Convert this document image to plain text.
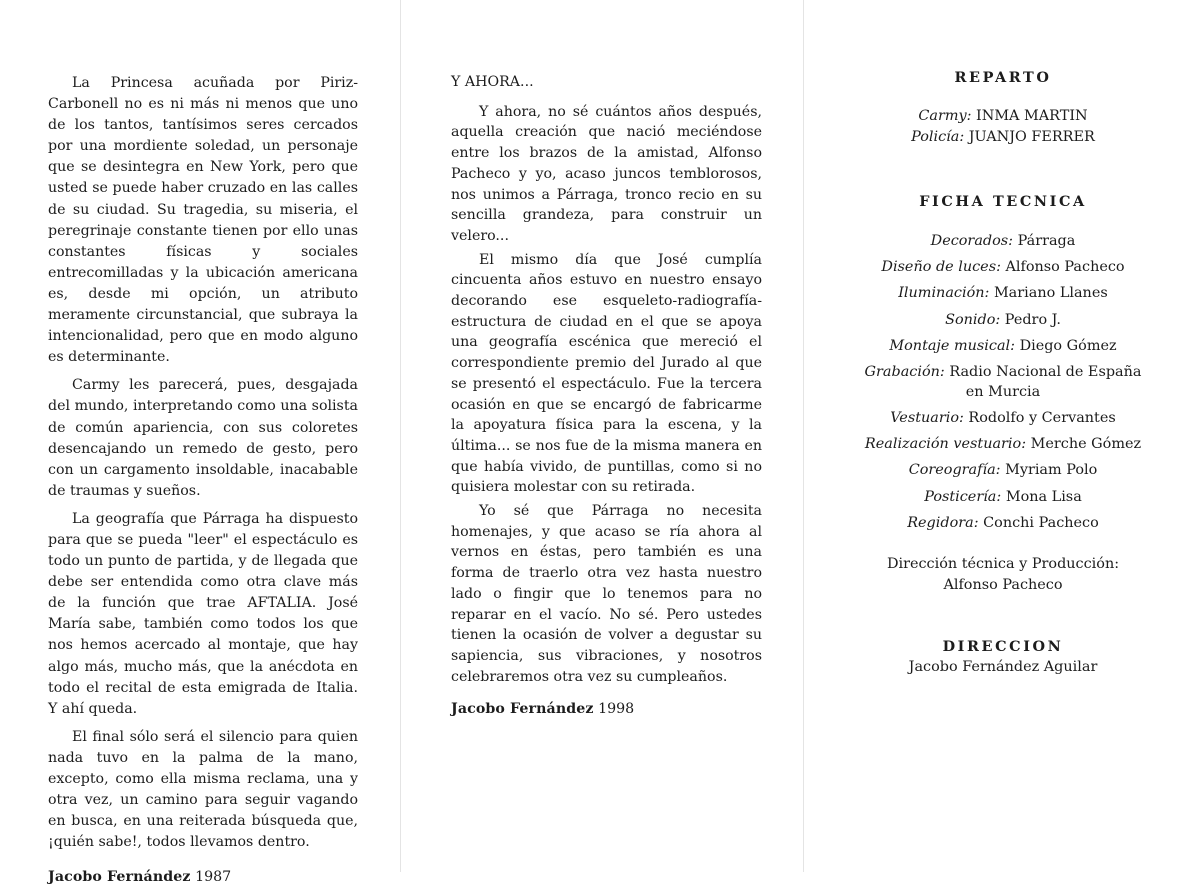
La Princesa acuñada por Piriz-Carbonell no es ni más ni menos que uno de los tantos, tantísimos seres cercados por una mordiente soledad, un personaje que se desintegra en New York, pero que usted se puede haber cruzado en las calles de su ciudad. Su tragedia, su miseria, el peregrinaje constante tienen por ello unas constantes físicas y sociales entrecomilladas y la ubicación americana es, desde mi opción, un atributo meramente circunstancial, que subraya la intencionalidad, pero que en modo alguno es determinante.

Carmy les parecerá, pues, desgajada del mundo, interpretando como una solista de común apariencia, con sus coloretes desencajando un remedo de gesto, pero con un cargamento insoldable, inacabable de traumas y sueños.

La geografía que Párraga ha dispuesto para que se pueda "leer" el espectáculo es todo un punto de partida, y de llegada que debe ser entendida como otra clave más de la función que trae AFTALIA. José María sabe, también como todos los que nos hemos acercado al montaje, que hay algo más, mucho más, que la anécdota en todo el recital de esta emigrada de Italia. Y ahí queda.

El final sólo será el silencio para quien nada tuvo en la palma de la mano, excepto, como ella misma reclama, una y otra vez, un camino para seguir vagando en busca, en una reiterada búsqueda que, ¡quién sabe!, todos llevamos dentro.

Jacobo Fernández 1987

Y AHORA...

Y ahora, no sé cuántos años después, aquella creación que nació meciéndose entre los brazos de la amistad, Alfonso Pacheco y yo, acaso juncos temblorosos, nos unimos a Párraga, tronco recio en su sencilla grandeza, para construir un velero...

El mismo día que José cumplía cincuenta años estuvo en nuestro ensayo decorando ese esqueleto-radiografía-estructura de ciudad en el que se apoya una geografía escénica que mereció el correspondiente premio del Jurado al que se presentó el espectáculo. Fue la tercera ocasión en que se encargó de fabricarme la apoyatura física para la escena, y la última... se nos fue de la misma manera en que había vivido, de puntillas, como si no quisiera molestar con su retirada.

Yo sé que Párraga no necesita homenajes, y que acaso se ría ahora al vernos en éstas, pero también es una forma de traerlo otra vez hasta nuestro lado o fingir que lo tenemos para no reparar en el vacío. No sé. Pero ustedes tienen la ocasión de volver a degustar su sapiencia, sus vibraciones, y nosotros celebraremos otra vez su cumpleaños.

Jacobo Fernández 1998

REPARTO
Carmy: INMA MARTIN
Policía: JUANJO FERRER
FICHA TECNICA
Decorados: Párraga
Diseño de luces: Alfonso Pacheco
Iluminación: Mariano Llanes
Sonido: Pedro J.
Montaje musical: Diego Gómez
Grabación: Radio Nacional de España
en Murcia
Vestuario: Rodolfo y Cervantes
Realización vestuario: Merche Gómez
Coreografía: Myriam Polo
Posticería: Mona Lisa
Regidora: Conchi Pacheco
Dirección técnica y Producción:
Alfonso Pacheco
DIRECCION
Jacobo Fernández Aguilar
